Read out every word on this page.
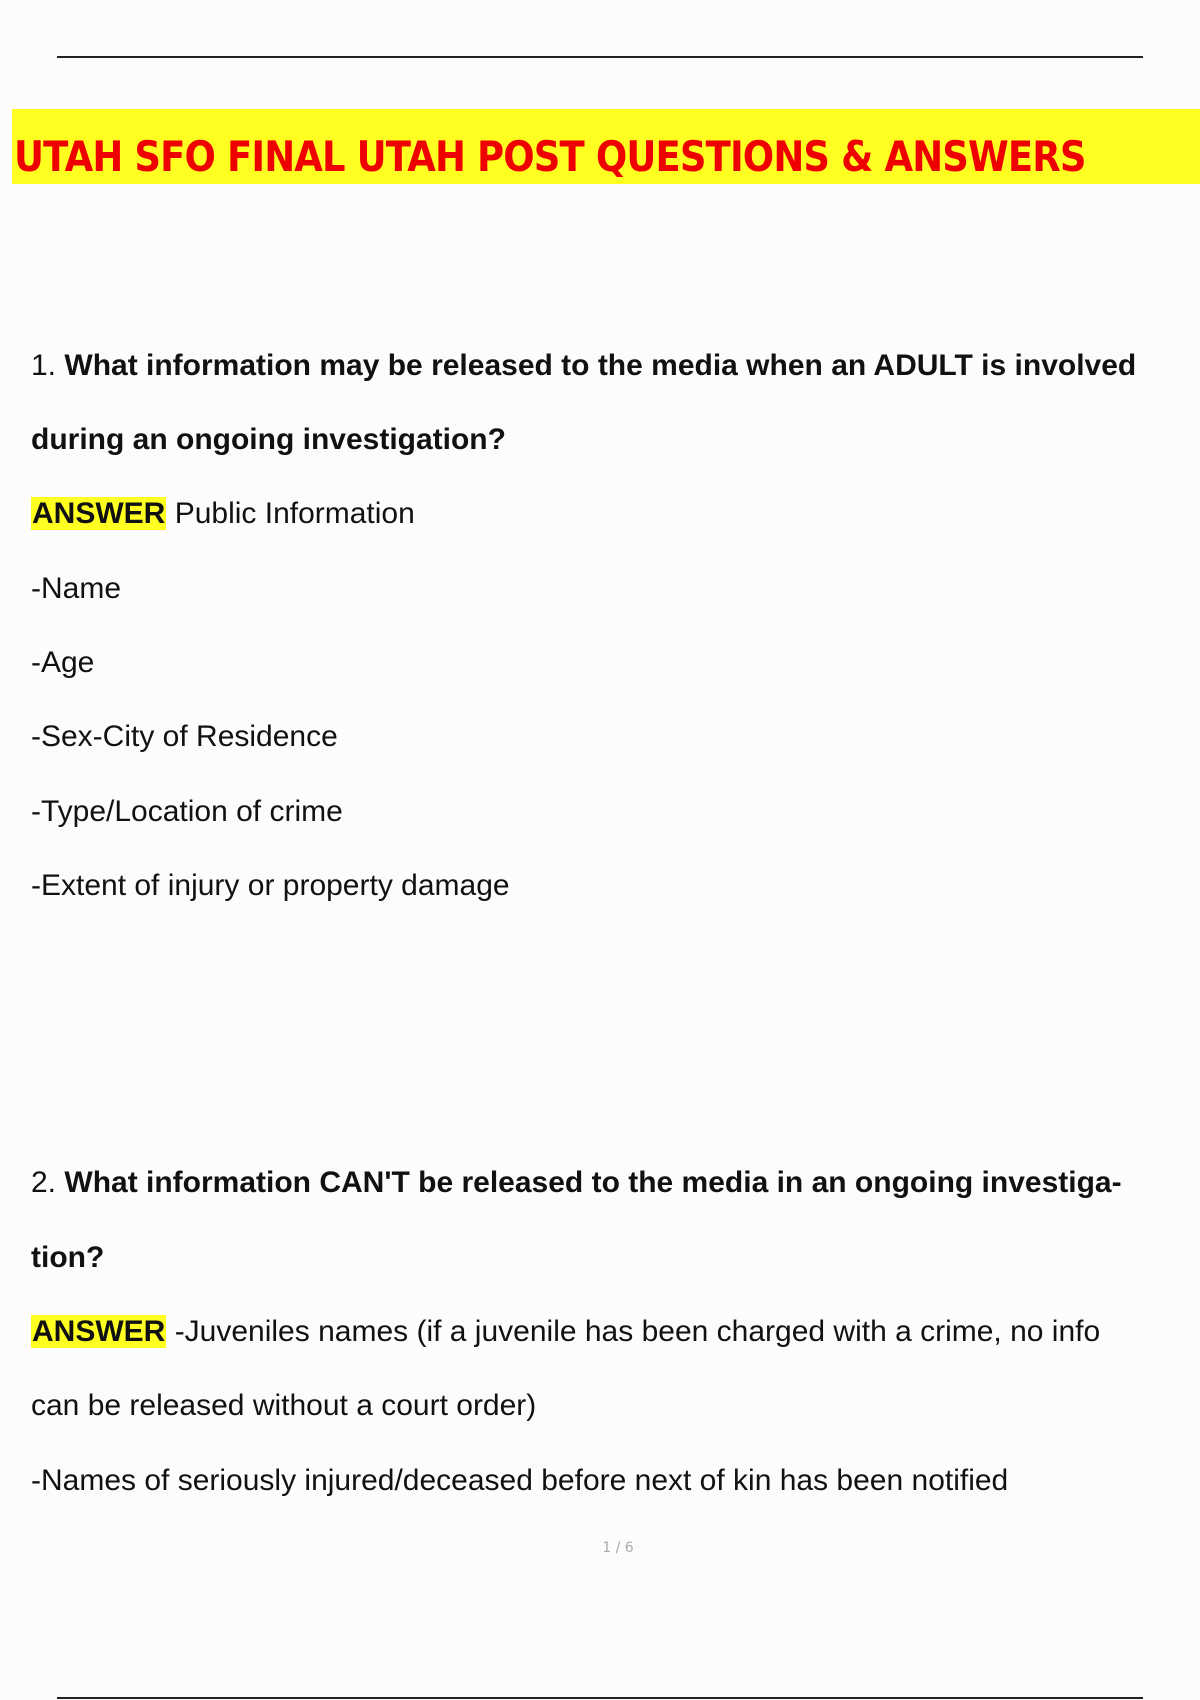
UTAH SFO FINAL UTAH POST QUESTIONS & ANSWERS

1. What information may be released to the media when an ADULT is involved

during an ongoing investigation?

ANSWER Public Information

-Name

-Age

-Sex-City of Residence

-Type/Location of crime

-Extent of injury or property damage

2. What information CAN'T be released to the media in an ongoing investiga-

tion?

ANSWER -Juveniles names (if a juvenile has been charged with a crime, no info

can be released without a court order)

-Names of seriously injured/deceased before next of kin has been notified

1 / 6
